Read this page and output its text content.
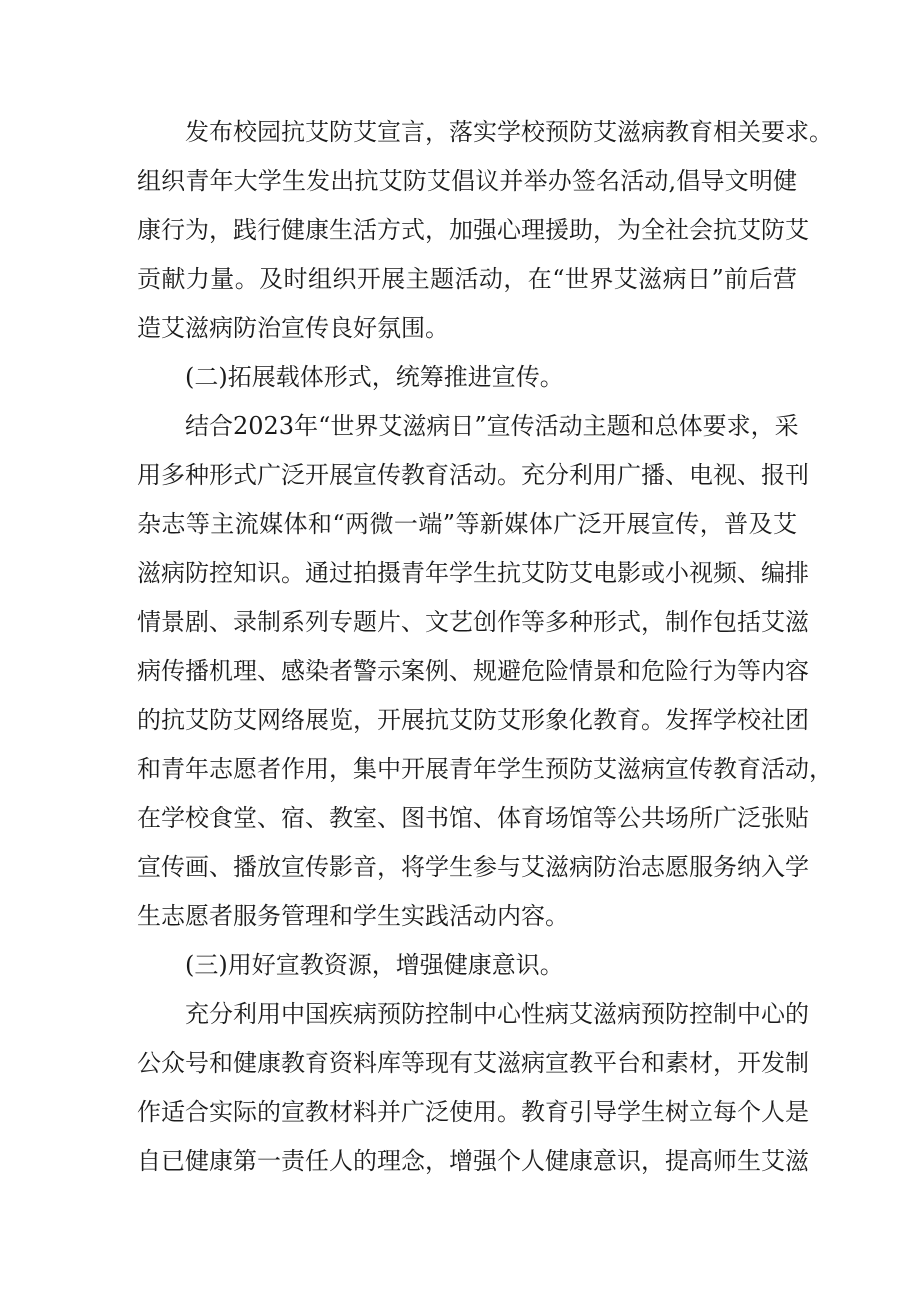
发布校园抗艾防艾宣言，落实学校预防艾滋病教育相关要求。
组织青年大学生发出抗艾防艾倡议并举办签名活动,倡导文明健
康行为，践行健康生活方式，加强心理援助，为全社会抗艾防艾
贡献力量。及时组织开展主题活动，在“世界艾滋病日”前后营
造艾滋病防治宣传良好氛围。
(二)拓展载体形式，统筹推进宣传。
结合2023年“世界艾滋病日”宣传活动主题和总体要求，采
用多种形式广泛开展宣传教育活动。充分利用广播、电视、报刊
杂志等主流媒体和“两微一端”等新媒体广泛开展宣传，普及艾
滋病防控知识。通过拍摄青年学生抗艾防艾电影或小视频、编排
情景剧、录制系列专题片、文艺创作等多种形式，制作包括艾滋
病传播机理、感染者警示案例、规避危险情景和危险行为等内容
的抗艾防艾网络展览，开展抗艾防艾形象化教育。发挥学校社团
和青年志愿者作用，集中开展青年学生预防艾滋病宣传教育活动，
在学校食堂、宿、教室、图书馆、体育场馆等公共场所广泛张贴
宣传画、播放宣传影音，将学生参与艾滋病防治志愿服务纳入学
生志愿者服务管理和学生实践活动内容。
(三)用好宣教资源，增强健康意识。
充分利用中国疾病预防控制中心性病艾滋病预防控制中心的
公众号和健康教育资料库等现有艾滋病宣教平台和素材，开发制
作适合实际的宣教材料并广泛使用。教育引导学生树立每个人是
自已健康第一责任人的理念，增强个人健康意识，提高师生艾滋
